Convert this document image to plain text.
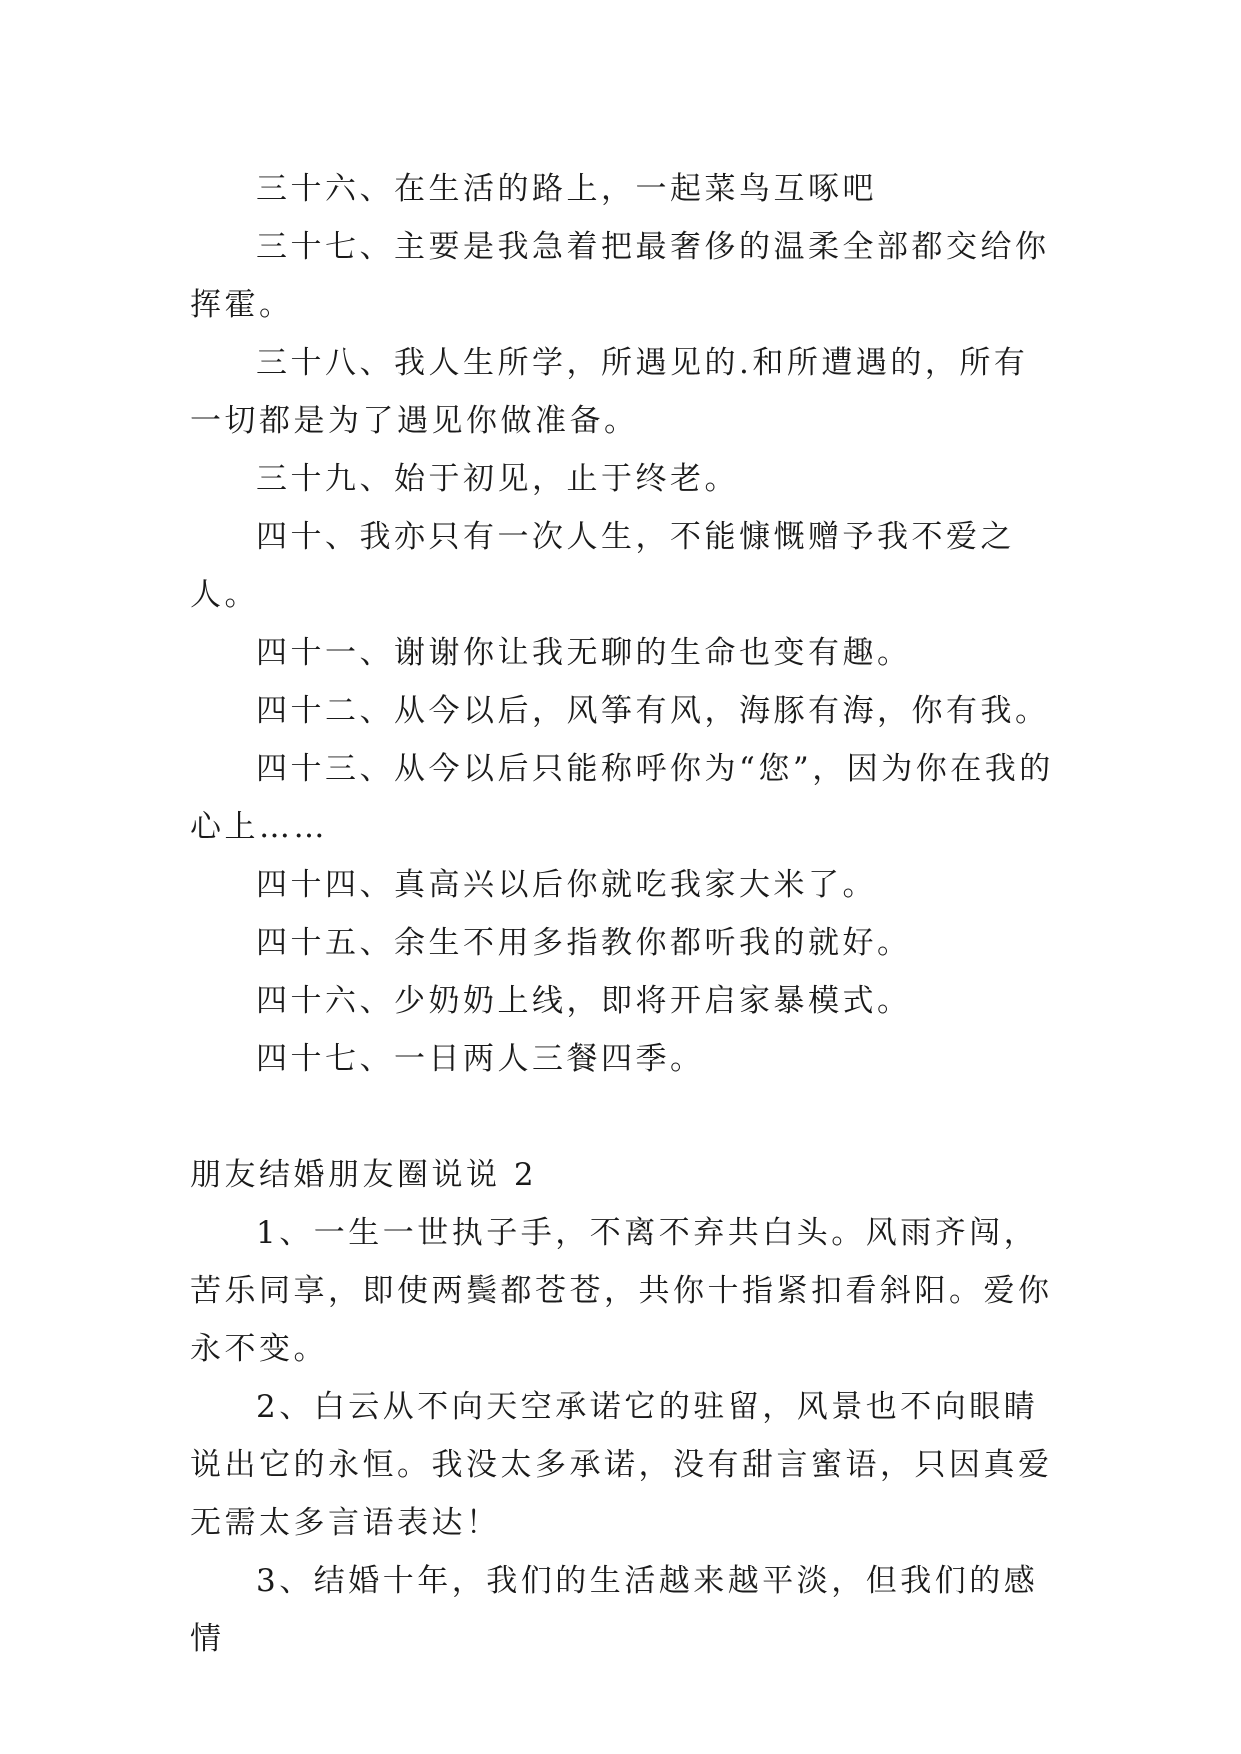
三十六、在生活的路上，一起菜鸟互啄吧

三十七、主要是我急着把最奢侈的温柔全部都交给你挥霍。

三十八、我人生所学，所遇见的.和所遭遇的，所有一切都是为了遇见你做准备。

三十九、始于初见，止于终老。

四十、我亦只有一次人生，不能慷慨赠予我不爱之人。

四十一、谢谢你让我无聊的生命也变有趣。

四十二、从今以后，风筝有风，海豚有海，你有我。

四十三、从今以后只能称呼你为“您”，因为你在我的心上……

四十四、真高兴以后你就吃我家大米了。

四十五、余生不用多指教你都听我的就好。

四十六、少奶奶上线，即将开启家暴模式。

四十七、一日两人三餐四季。

朋友结婚朋友圈说说 2

1、一生一世执子手，不离不弃共白头。风雨齐闯，苦乐同享，即使两鬓都苍苍，共你十指紧扣看斜阳。爱你永不变。

2、白云从不向天空承诺它的驻留，风景也不向眼睛说出它的永恒。我没太多承诺，没有甜言蜜语，只因真爱无需太多言语表达！

3、结婚十年，我们的生活越来越平淡，但我们的感情
